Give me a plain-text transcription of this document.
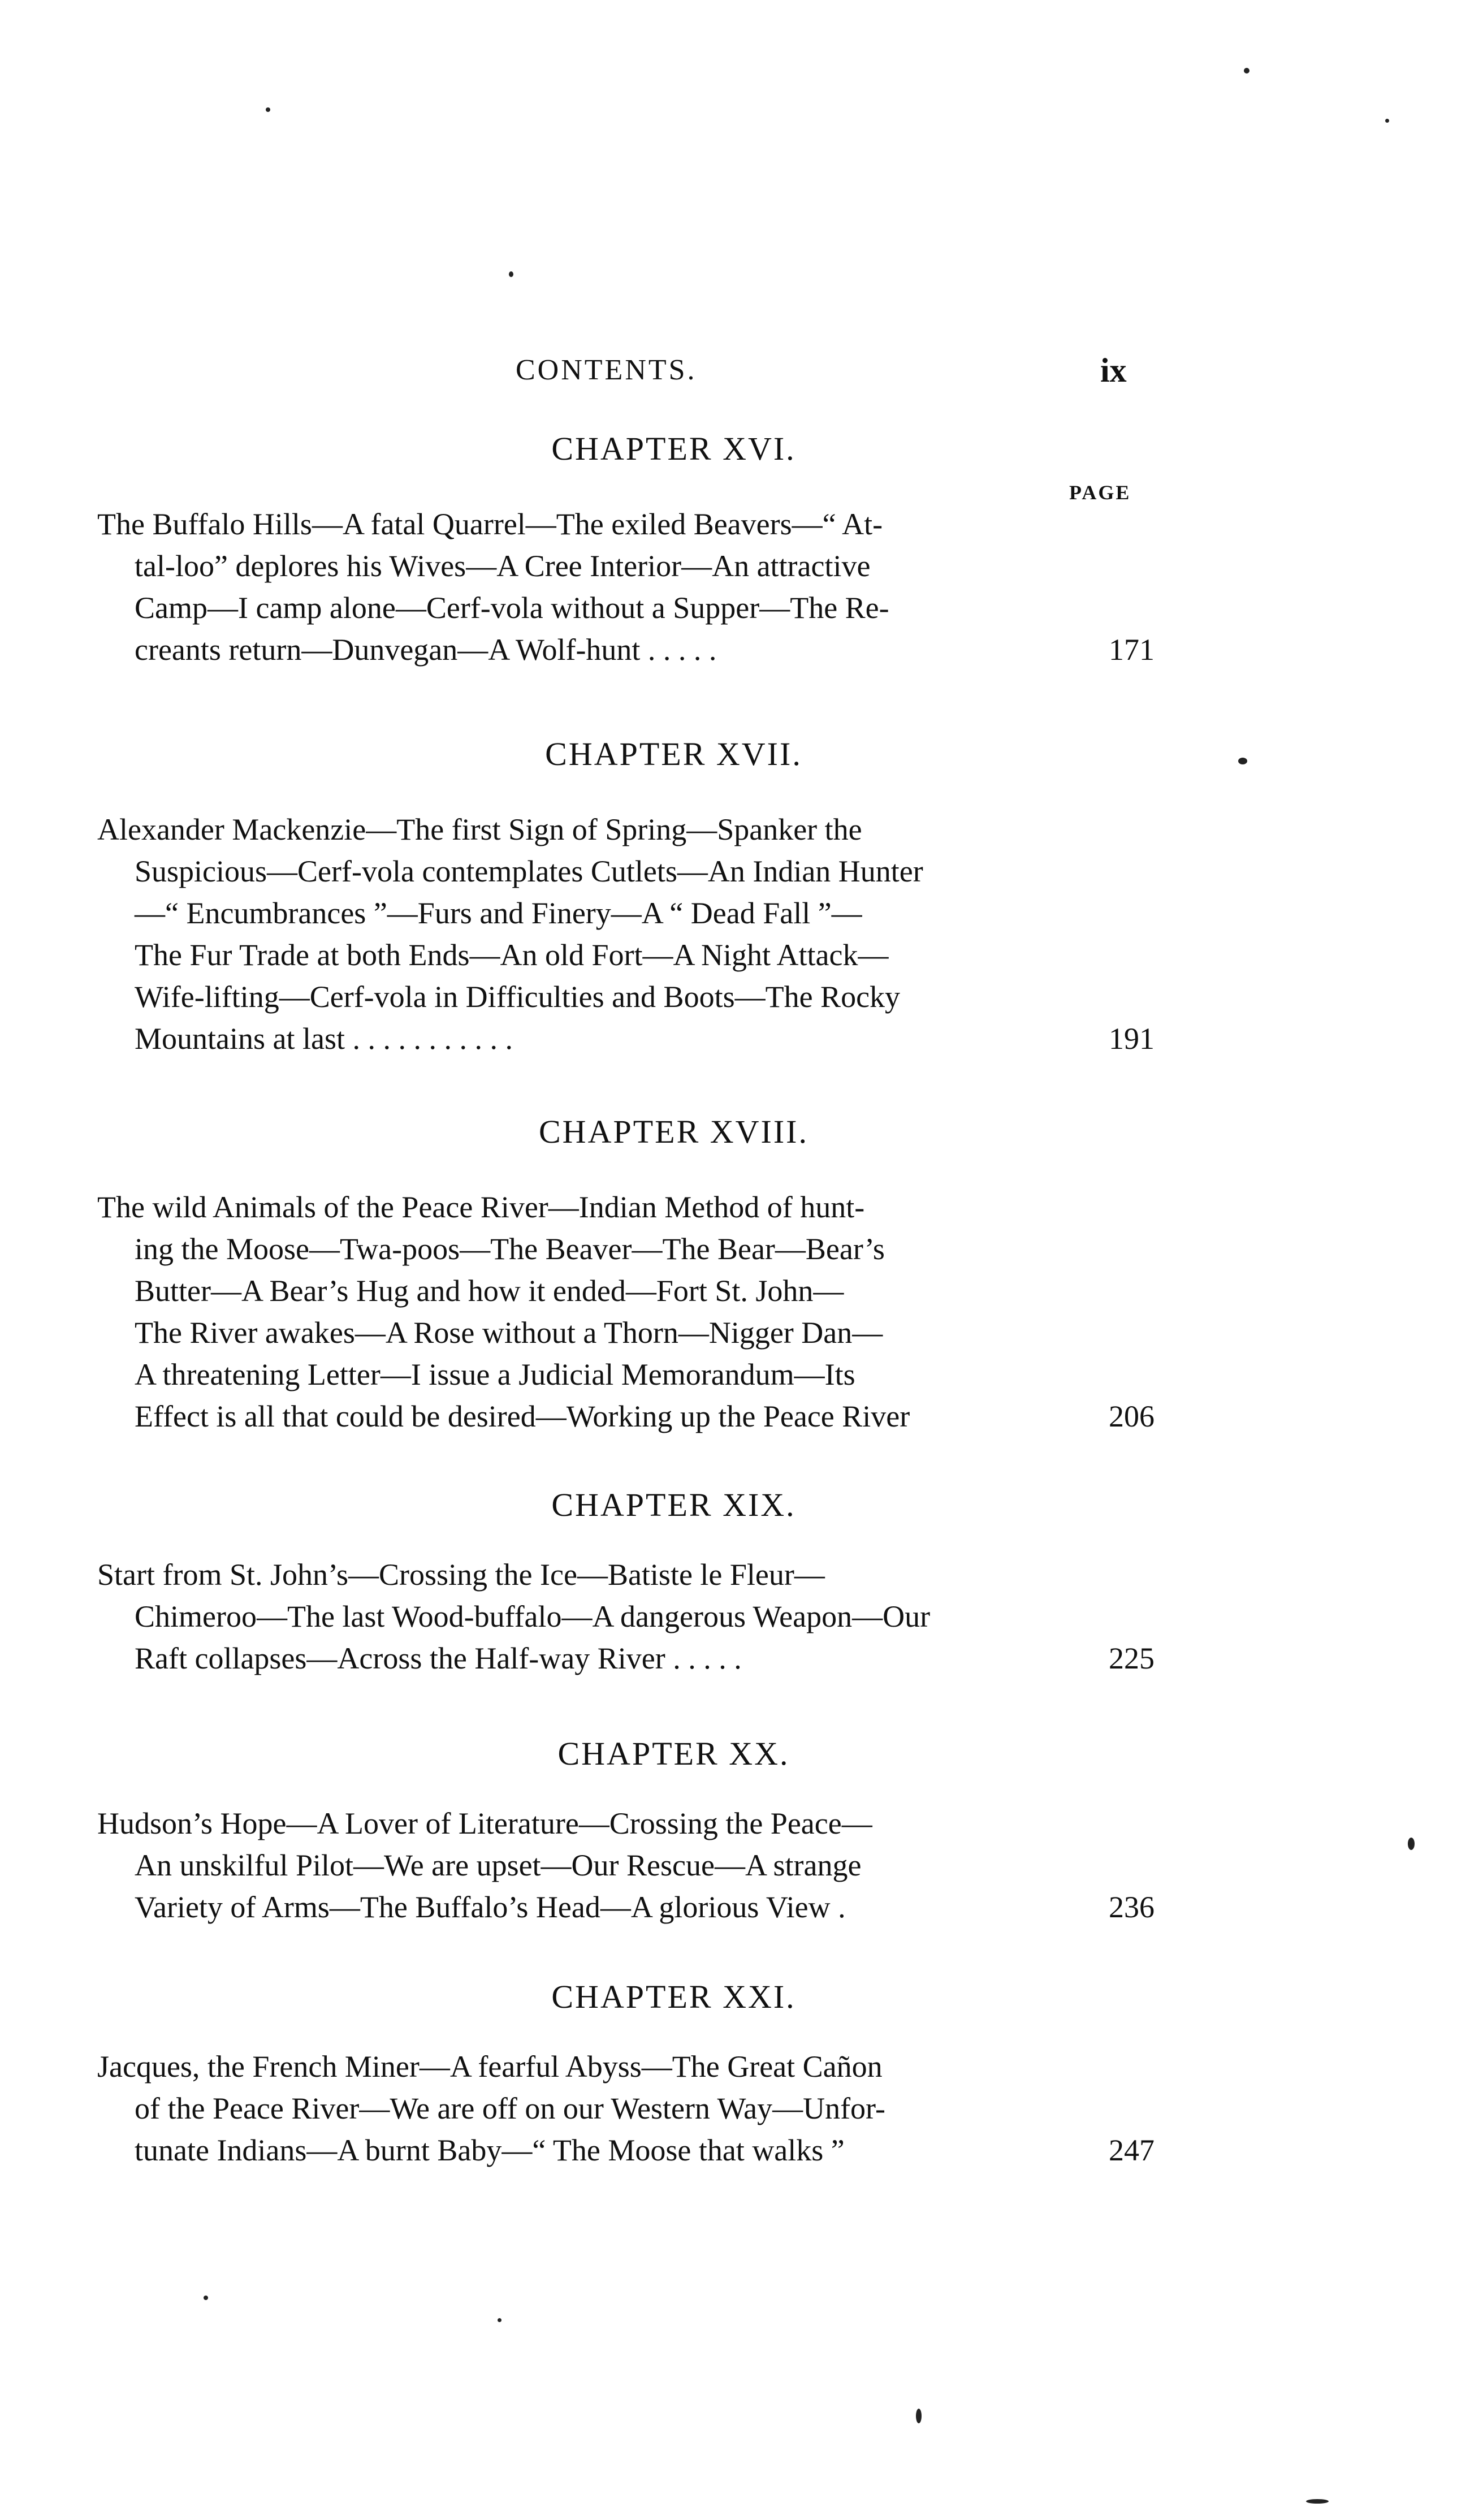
CONTENTS.	ix
PAGE
CHAPTER XVI.
The Buffalo Hills—A fatal Quarrel—The exiled Beavers—“ At-
tal-loo” deplores his Wives—A Cree Interior—An attractive
Camp—I camp alone—Cerf-vola without a Supper—The Re-
creants return—Dunvegan—A Wolf-hunt . . . . .	171
CHAPTER XVII.
Alexander Mackenzie—The first Sign of Spring—Spanker the
Suspicious—Cerf-vola contemplates Cutlets—An Indian Hunter
—“ Encumbrances ”—Furs and Finery—A “ Dead Fall ”—
The Fur Trade at both Ends—An old Fort—A Night Attack—
Wife-lifting—Cerf-vola in Difficulties and Boots—The Rocky
Mountains at last . . . . . . . . . . .	191
CHAPTER XVIII.
The wild Animals of the Peace River—Indian Method of hunt-
ing the Moose—Twa-poos—The Beaver—The Bear—Bear’s
Butter—A Bear’s Hug and how it ended—Fort St. John—
The River awakes—A Rose without a Thorn—Nigger Dan—
A threatening Letter—I issue a Judicial Memorandum—Its
Effect is all that could be desired—Working up the Peace River	206
CHAPTER XIX.
Start from St. John’s—Crossing the Ice—Batiste le Fleur—
Chimeroo—The last Wood-buffalo—A dangerous Weapon—Our
Raft collapses—Across the Half-way River . . . . .	225
CHAPTER XX.
Hudson’s Hope—A Lover of Literature—Crossing the Peace—
An unskilful Pilot—We are upset—Our Rescue—A strange
Variety of Arms—The Buffalo’s Head—A glorious View .	236
CHAPTER XXI.
Jacques, the French Miner—A fearful Abyss—The Great Cañon
of the Peace River—We are off on our Western Way—Unfor-
tunate Indians—A burnt Baby—“ The Moose that walks ”	247
